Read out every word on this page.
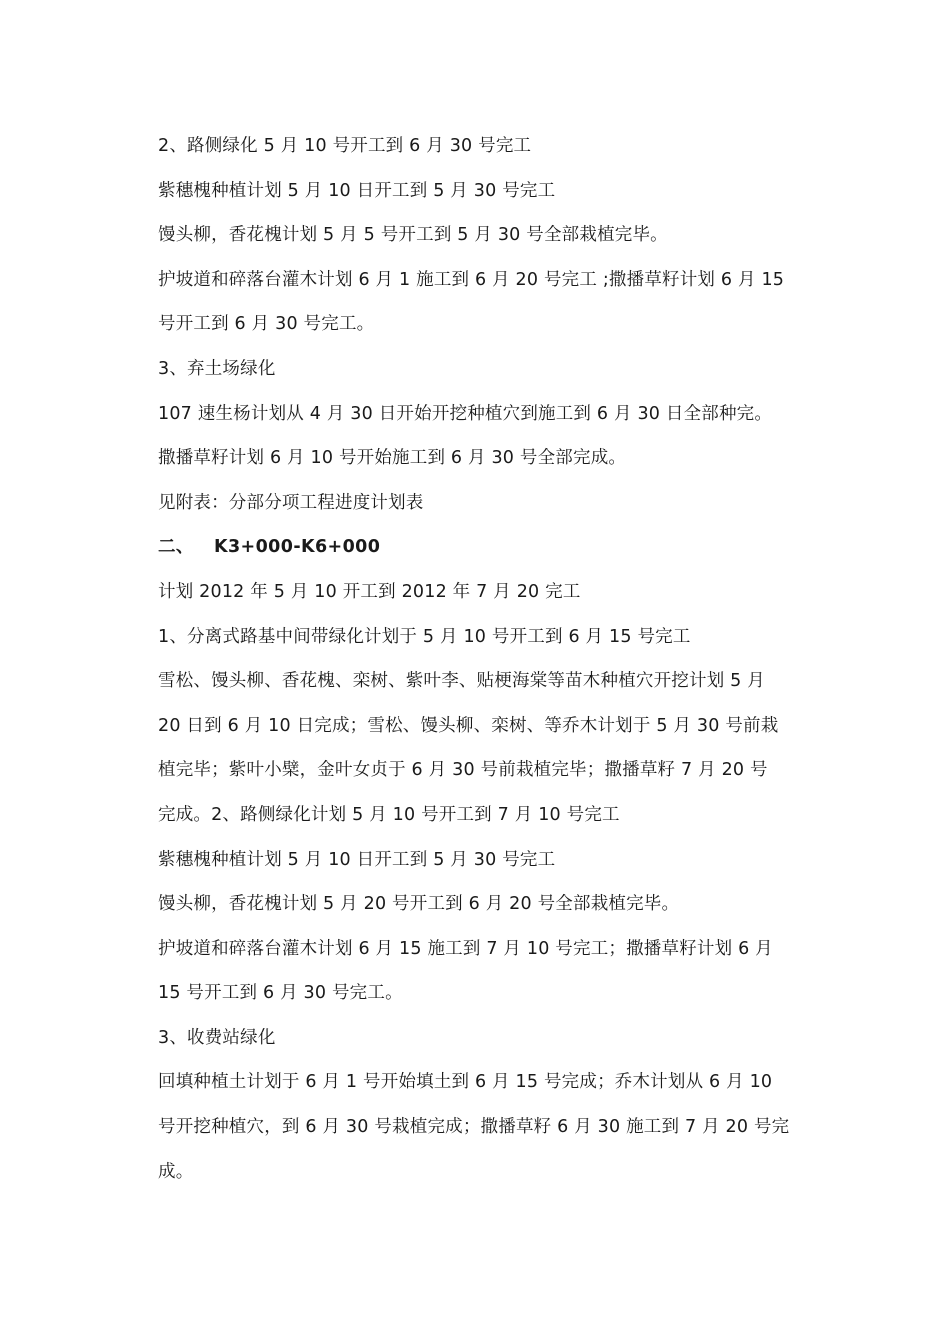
2、路侧绿化 5 月 10 号开工到 6 月 30 号完工
紫穗槐种植计划 5 月 10 日开工到 5 月 30 号完工
馒头柳，香花槐计划 5 月 5 号开工到 5 月 30 号全部栽植完毕。
护坡道和碎落台灌木计划 6 月 1 施工到 6 月 20 号完工 ;撒播草籽计划 6 月 15
号开工到 6 月 30 号完工。
3、弃土场绿化
107 速生杨计划从 4 月 30 日开始开挖种植穴到施工到 6 月 30 日全部种完。
撒播草籽计划 6 月 10 号开始施工到 6 月 30 号全部完成。
见附表：分部分项工程进度计划表
二、 K3+000-K6+000
计划 2012 年 5 月 10 开工到 2012 年 7 月 20 完工
1、分离式路基中间带绿化计划于 5 月 10 号开工到 6 月 15 号完工
雪松、馒头柳、香花槐、栾树、紫叶李、贴梗海棠等苗木种植穴开挖计划 5 月
20 日到 6 月 10 日完成；雪松、馒头柳、栾树、等乔木计划于 5 月 30 号前栽
植完毕；紫叶小檗，金叶女贞于 6 月 30 号前栽植完毕；撒播草籽 7 月 20 号
完成。2、路侧绿化计划 5 月 10 号开工到 7 月 10 号完工
紫穗槐种植计划 5 月 10 日开工到 5 月 30 号完工
馒头柳，香花槐计划 5 月 20 号开工到 6 月 20 号全部栽植完毕。
护坡道和碎落台灌木计划 6 月 15 施工到 7 月 10 号完工；撒播草籽计划 6 月
15 号开工到 6 月 30 号完工。
3、收费站绿化
回填种植土计划于 6 月 1 号开始填土到 6 月 15 号完成；乔木计划从 6 月 10
号开挖种植穴，到 6 月 30 号栽植完成；撒播草籽 6 月 30 施工到 7 月 20 号完
成。
